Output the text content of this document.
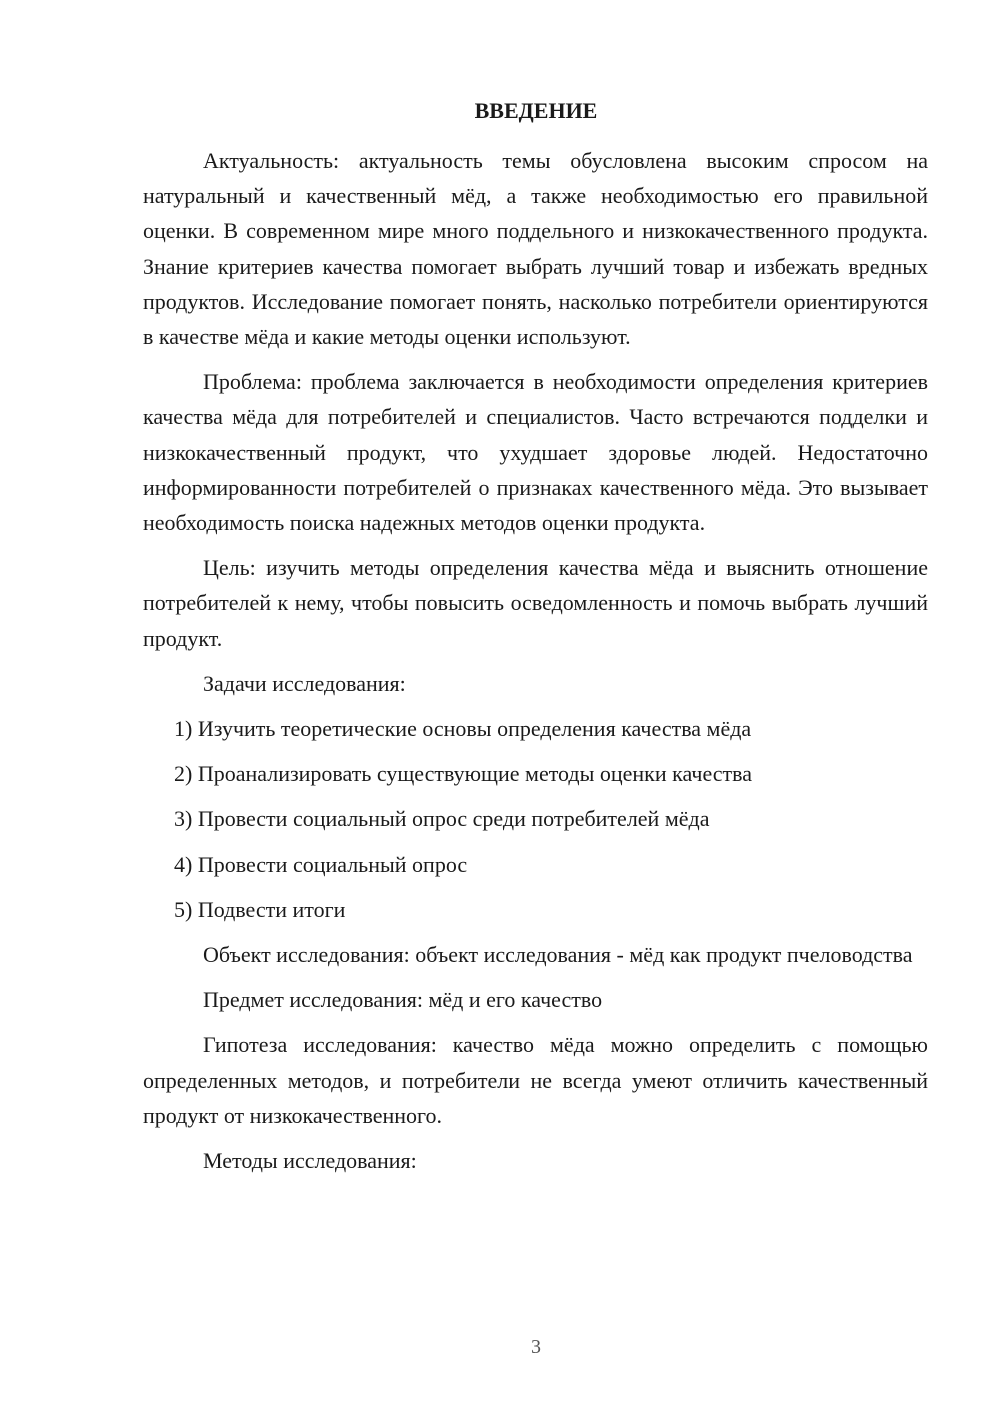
ВВЕДЕНИЕ

Актуальность: актуальность темы обусловлена высоким спросом на натуральный и качественный мёд, а также необходимостью его правильной оценки. В современном мире много поддельного и низкокачественного продукта. Знание критериев качества помогает выбрать лучший товар и избежать вредных продуктов. Исследование помогает понять, насколько потребители ориентируются в качестве мёда и какие методы оценки используют.

Проблема: проблема заключается в необходимости определения критериев качества мёда для потребителей и специалистов. Часто встречаются подделки и низкокачественный продукт, что ухудшает здоровье людей. Недостаточно информированности потребителей о признаках качественного мёда. Это вызывает необходимость поиска надежных методов оценки продукта.

Цель: изучить методы определения качества мёда и выяснить отношение потребителей к нему, чтобы повысить осведомленность и помочь выбрать лучший продукт.

Задачи исследования:

1) Изучить теоретические основы определения качества мёда
2) Проанализировать существующие методы оценки качества
3) Провести социальный опрос среди потребителей мёда
4) Провести социальный опрос
5) Подвести итоги

Объект исследования: объект исследования - мёд как продукт пчеловодства

Предмет исследования: мёд и его качество

Гипотеза исследования: качество мёда можно определить с помощью определенных методов, и потребители не всегда умеют отличить качественный продукт от низкокачественного.

Методы исследования:

3
